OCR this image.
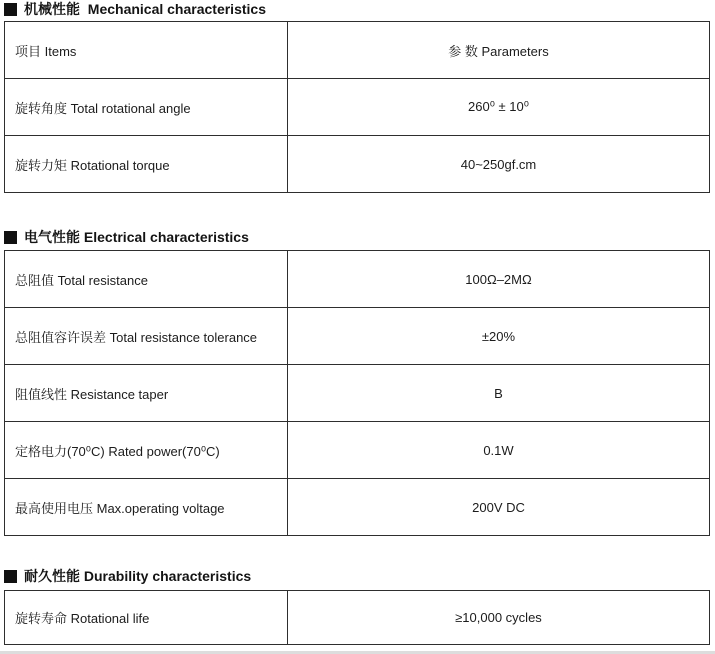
机械性能  Mechanical characteristics
项目 Items	参 数 Parameters
旋转角度 Total rotational angle	260⁰ ± 10⁰
旋转力矩 Rotational torque	40~250gf.cm
电气性能 Electrical characteristics
总阻值 Total resistance	100Ω–2MΩ
总阻值容许误差 Total resistance tolerance	±20%
阻值线性 Resistance taper	B
定格电力(70⁰C) Rated power(70⁰C)	0.1W
最高使用电压 Max.operating voltage	200V DC
耐久性能 Durability characteristics
旋转寿命 Rotational life	≥10,000 cycles
